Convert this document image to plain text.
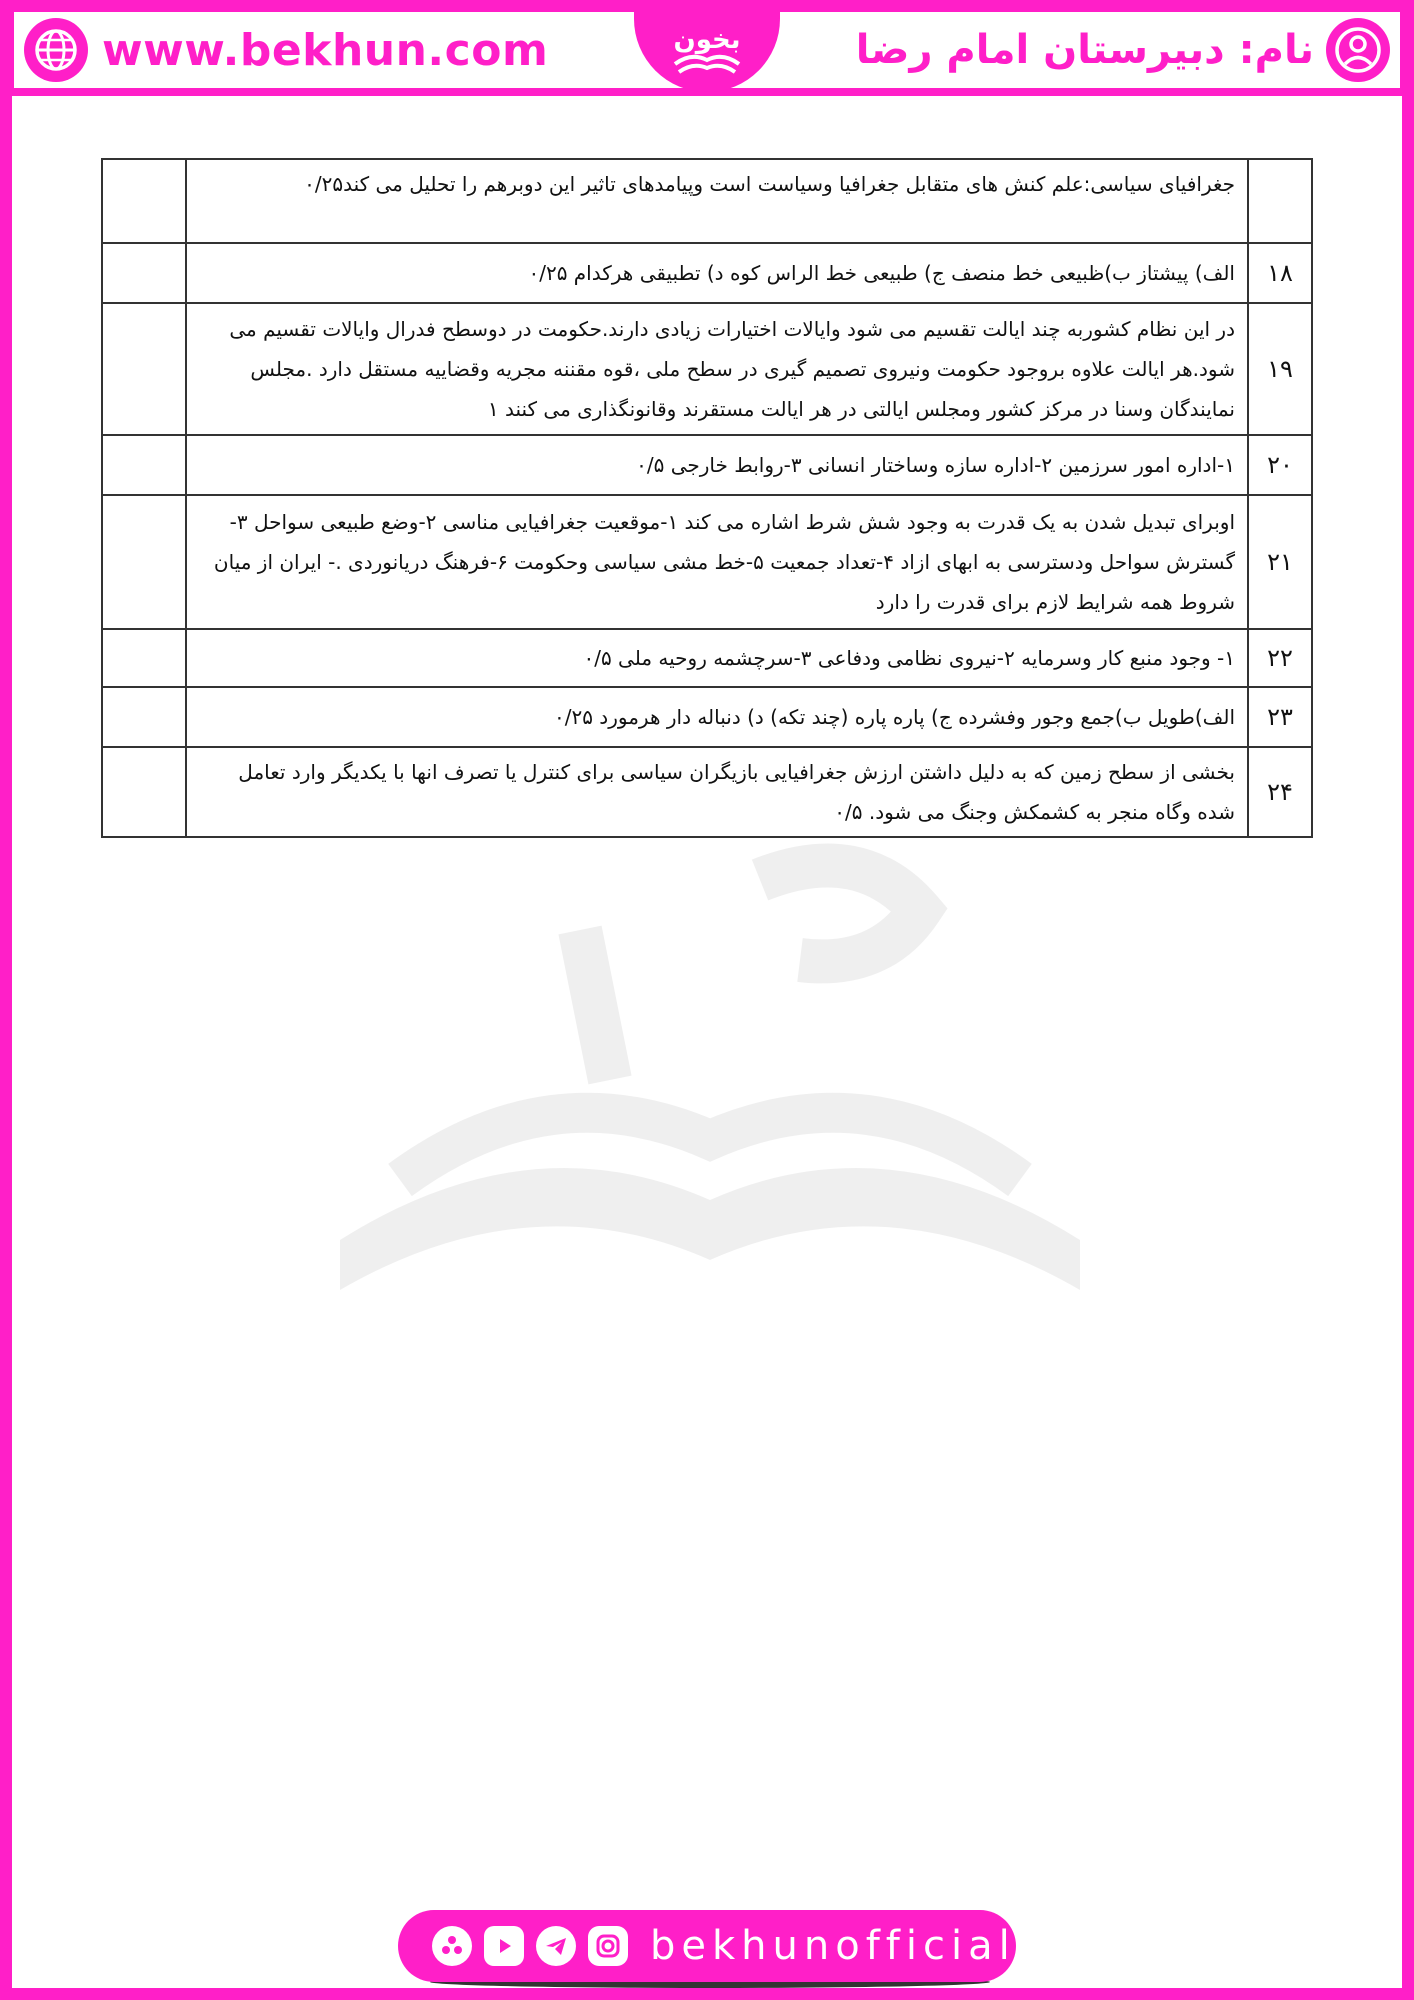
www.bekhun.com	بخون	نام: دبیرستان امام رضا
	جغرافیای سیاسی:علم کنش های متقابل جغرافیا وسیاست است وپیامدهای تاثیر این دوبرهم را تحلیل می کند۰/۲۵	
۱۸	الف) پیشتاز ب)ظبیعی خط منصف ج) طبیعی خط الراس کوه د) تطبیقی هرکدام ۰/۲۵	
۱۹	در این نظام کشوربه چند ایالت تقسیم می شود وایالات اختیارات زیادی دارند.حکومت در دوسطح فدرال وایالات تقسیم می شود.هر ایالت علاوه بروجود حکومت ونیروی تصمیم گیری در سطح ملی ،قوه مقننه مجریه وقضاییه مستقل دارد .مجلس نمایندگان وسنا در مرکز کشور ومجلس ایالتی در هر ایالت مستقرند وقانونگذاری می کنند ۱	
۲۰	۱-اداره امور سرزمین ۲-اداره سازه وساختار انسانی ۳-روابط خارجی ۰/۵	
۲۱	اوبرای تبدیل شدن به یک قدرت به وجود شش شرط اشاره می کند ۱-موقعیت جغرافیایی مناسی ۲-وضع طبیعی سواحل ۳-گسترش سواحل ودسترسی به ابهای ازاد ۴-تعداد جمعیت ۵-خط مشی سیاسی وحکومت ۶-فرهنگ دریانوردی .- ایران از میان شروط همه شرایط لازم برای قدرت را دارد	
۲۲	۱- وجود منبع کار وسرمایه ۲-نیروی نظامی ودفاعی ۳-سرچشمه روحیه ملی ۰/۵	
۲۳	الف)طویل ب)جمع وجور وفشرده ج) پاره پاره (چند تکه) د) دنباله دار هرمورد ۰/۲۵	
۲۴	بخشی از سطح زمین که به دلیل داشتن ارزش جغرافیایی بازیگران سیاسی برای کنترل یا تصرف انها با یکدیگر وارد تعامل شده وگاه منجر به کشمکش وجنگ می شود. ۰/۵	
bekhunofficial
